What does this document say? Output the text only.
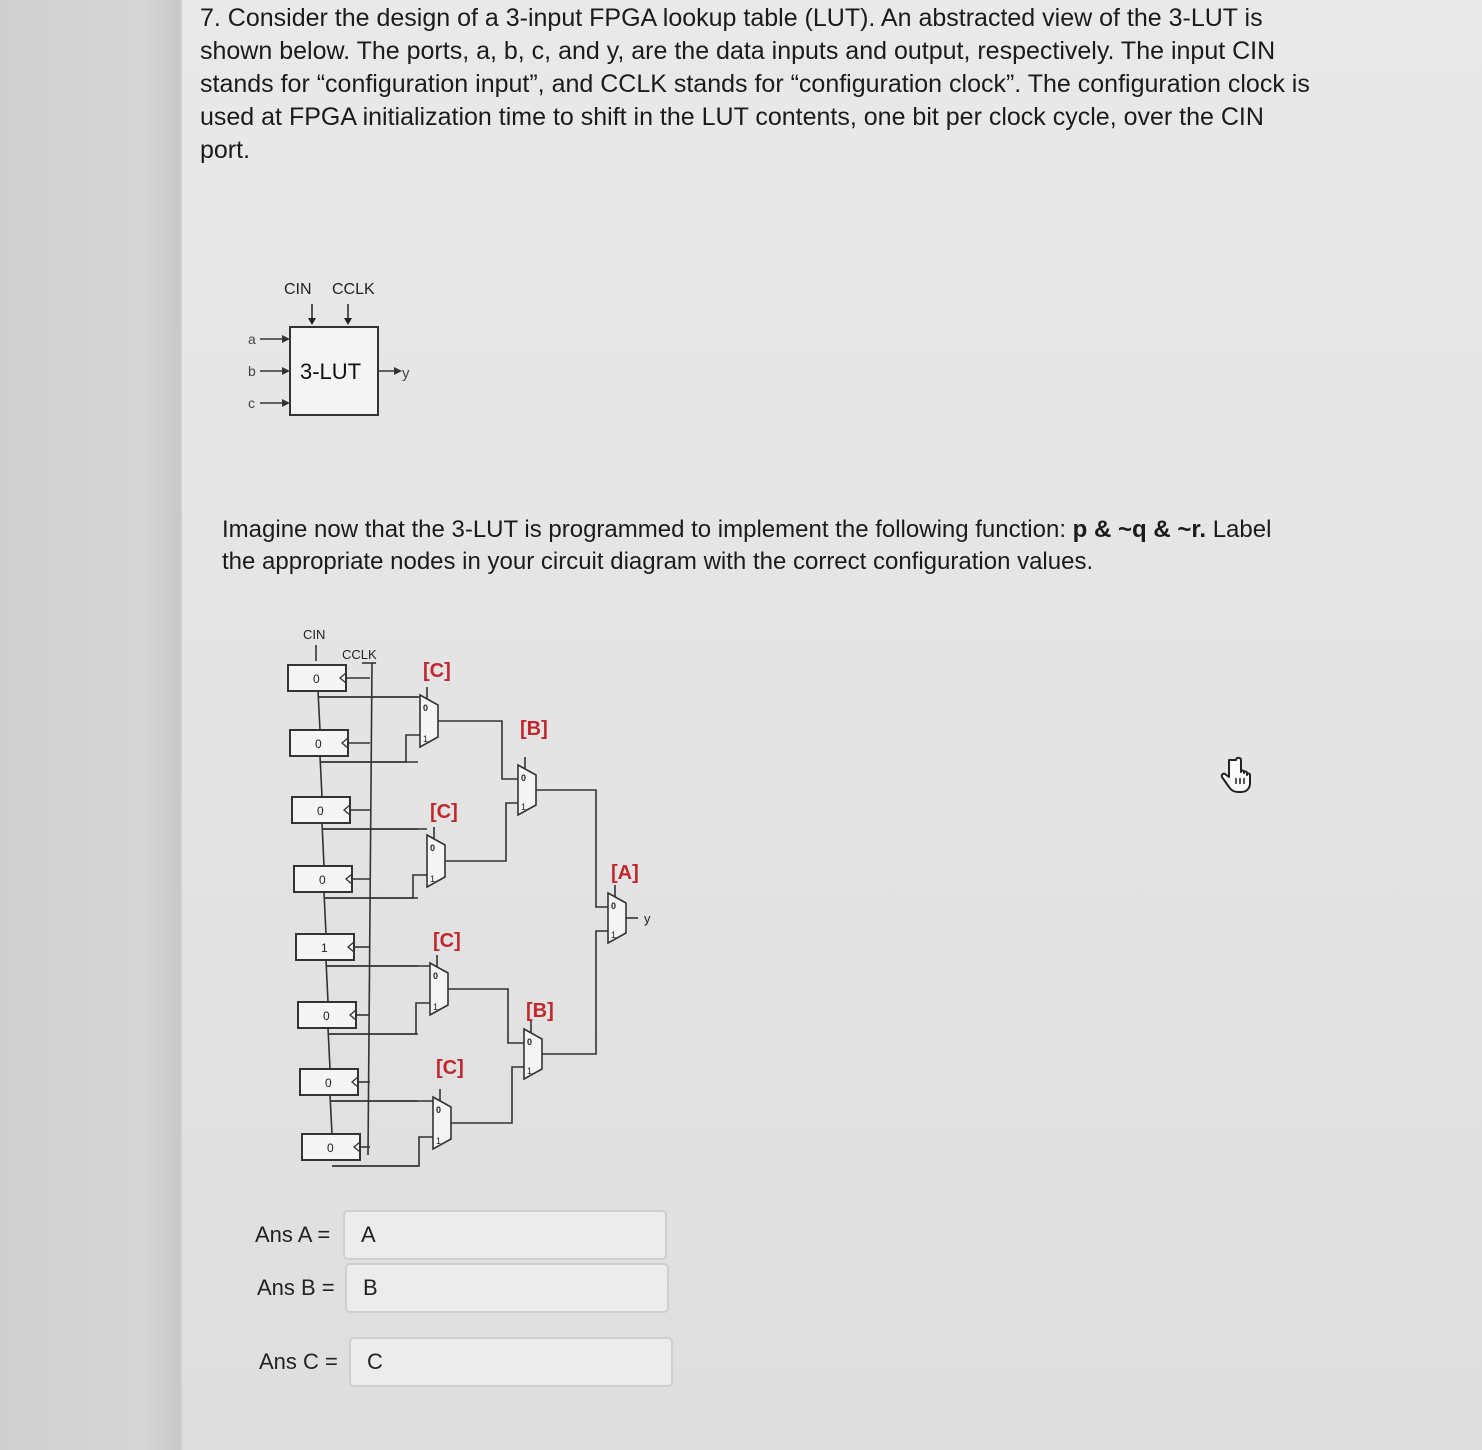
7. Consider the design of a 3-input FPGA lookup table (LUT). An abstracted view of the 3-LUT is shown below. The ports, a, b, c, and y, are the data inputs and output, respectively. The input CIN stands for “configuration input”, and CCLK stands for “configuration clock”. The configuration clock is used at FPGA initialization time to shift in the LUT contents, one bit per clock cycle, over the CIN port.
CIN CCLK
3-LUT
a
b
c
y
Imagine now that the 3-LUT is programmed to implement the following function: p & ~q & ~r. Label the appropriate nodes in your circuit diagram with the correct configuration values.
CIN
CCLK
0
0
0
0
1
0
0
0
0
1
[C]
0
1
[C]
0
1
[C]
0
1
[C]
0
1
[B]
0
1
[B]
0
1
[A]
y
Ans A =	A
Ans B =	B
Ans C =	C
